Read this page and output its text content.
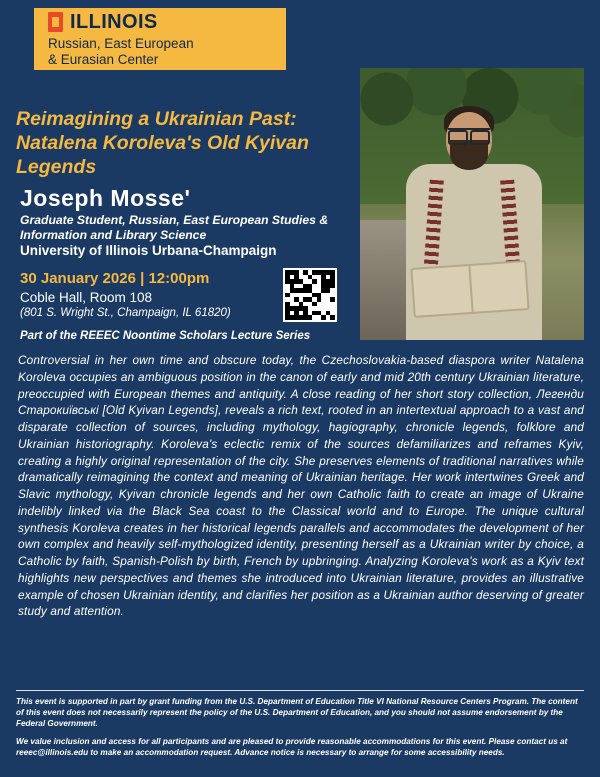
ILLINOIS
Russian, East European
& Eurasian Center
Reimagining a Ukrainian Past: Natalena Koroleva's Old Kyivan Legends
Joseph Mosse'
Graduate Student, Russian, East European Studies & Information and Library Science
University of Illinois Urbana-Champaign
30 January 2026 | 12:00pm
Coble Hall, Room 108
(801 S. Wright St., Champaign, IL 61820)
Part of the REEEC Noontime Scholars Lecture Series
Controversial in her own time and obscure today, the Czechoslovakia-based diaspora writer Natalena Koroleva occupies an ambiguous position in the canon of early and mid 20th century Ukrainian literature, preoccupied with European themes and antiquity. A close reading of her short story collection, Легенди Старокиївські [Old Kyivan Legends], reveals a rich text, rooted in an intertextual approach to a vast and disparate collection of sources, including mythology, hagiography, chronicle legends, folklore and Ukrainian historiography. Koroleva's eclectic remix of the sources defamiliarizes and reframes Kyiv, creating a highly original representation of the city. She preserves elements of traditional narratives while dramatically reimagining the context and meaning of Ukrainian heritage. Her work intertwines Greek and Slavic mythology, Kyivan chronicle legends and her own Catholic faith to create an image of Ukraine indelibly linked via the Black Sea coast to the Classical world and to Europe. The unique cultural synthesis Koroleva creates in her historical legends parallels and accommodates the development of her own complex and heavily self-mythologized identity, presenting herself as a Ukrainian writer by choice, a Catholic by faith, Spanish-Polish by birth, French by upbringing. Analyzing Koroleva's work as a Kyiv text highlights new perspectives and themes she introduced into Ukrainian literature, provides an illustrative example of chosen Ukrainian identity, and clarifies her position as a Ukrainian author deserving of greater study and attention.

This event is supported in part by grant funding from the U.S. Department of Education Title VI National Resource Centers Program. The content of this event does not necessarily represent the policy of the U.S. Department of Education, and you should not assume endorsement by the Federal Government.

We value inclusion and access for all participants and are pleased to provide reasonable accommodations for this event. Please contact us at reeec@illinois.edu to make an accommodation request. Advance notice is necessary to arrange for some accessibility needs.
